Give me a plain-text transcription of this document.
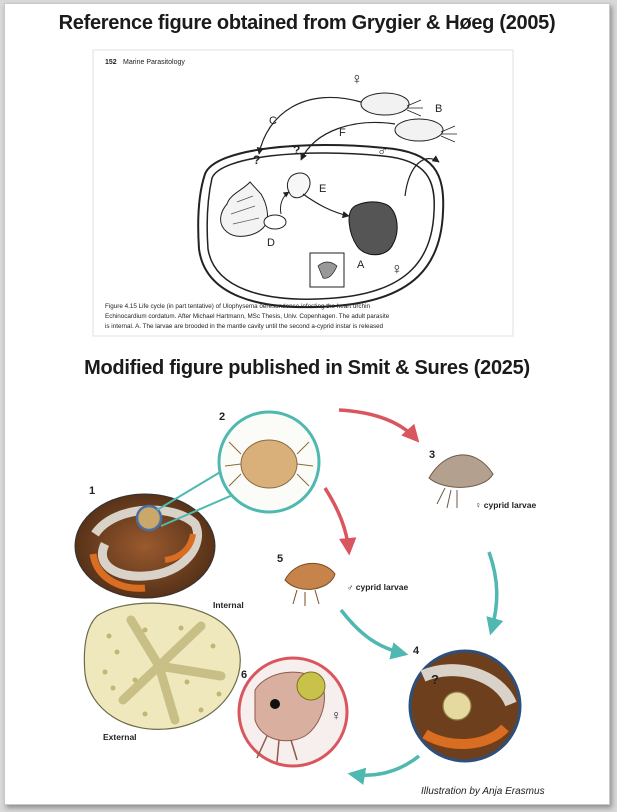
Reference figure obtained from Grygier & Høeg (2005)
Modified figure published in Smit & Sures (2025)
152 Marine Parasitology
C
F
B
E
D
A
♀
♂
♀
?
?
Figure 4.15 Life cycle (in part tentative) of Ulophysema oeresundense infesting the heart urchin
Echinocardium cordatum. After Michael Hartmann, MSc Thesis, Univ. Copenhagen. The adult parasite
is internal. A. The larvae are brooded in the mantle cavity until the second a-cyprid instar is released
1
Internal
External
2
3
♀ cyprid larvae
5
♂ cyprid larvae
4
?
6
♀
Illustration by Anja Erasmus
